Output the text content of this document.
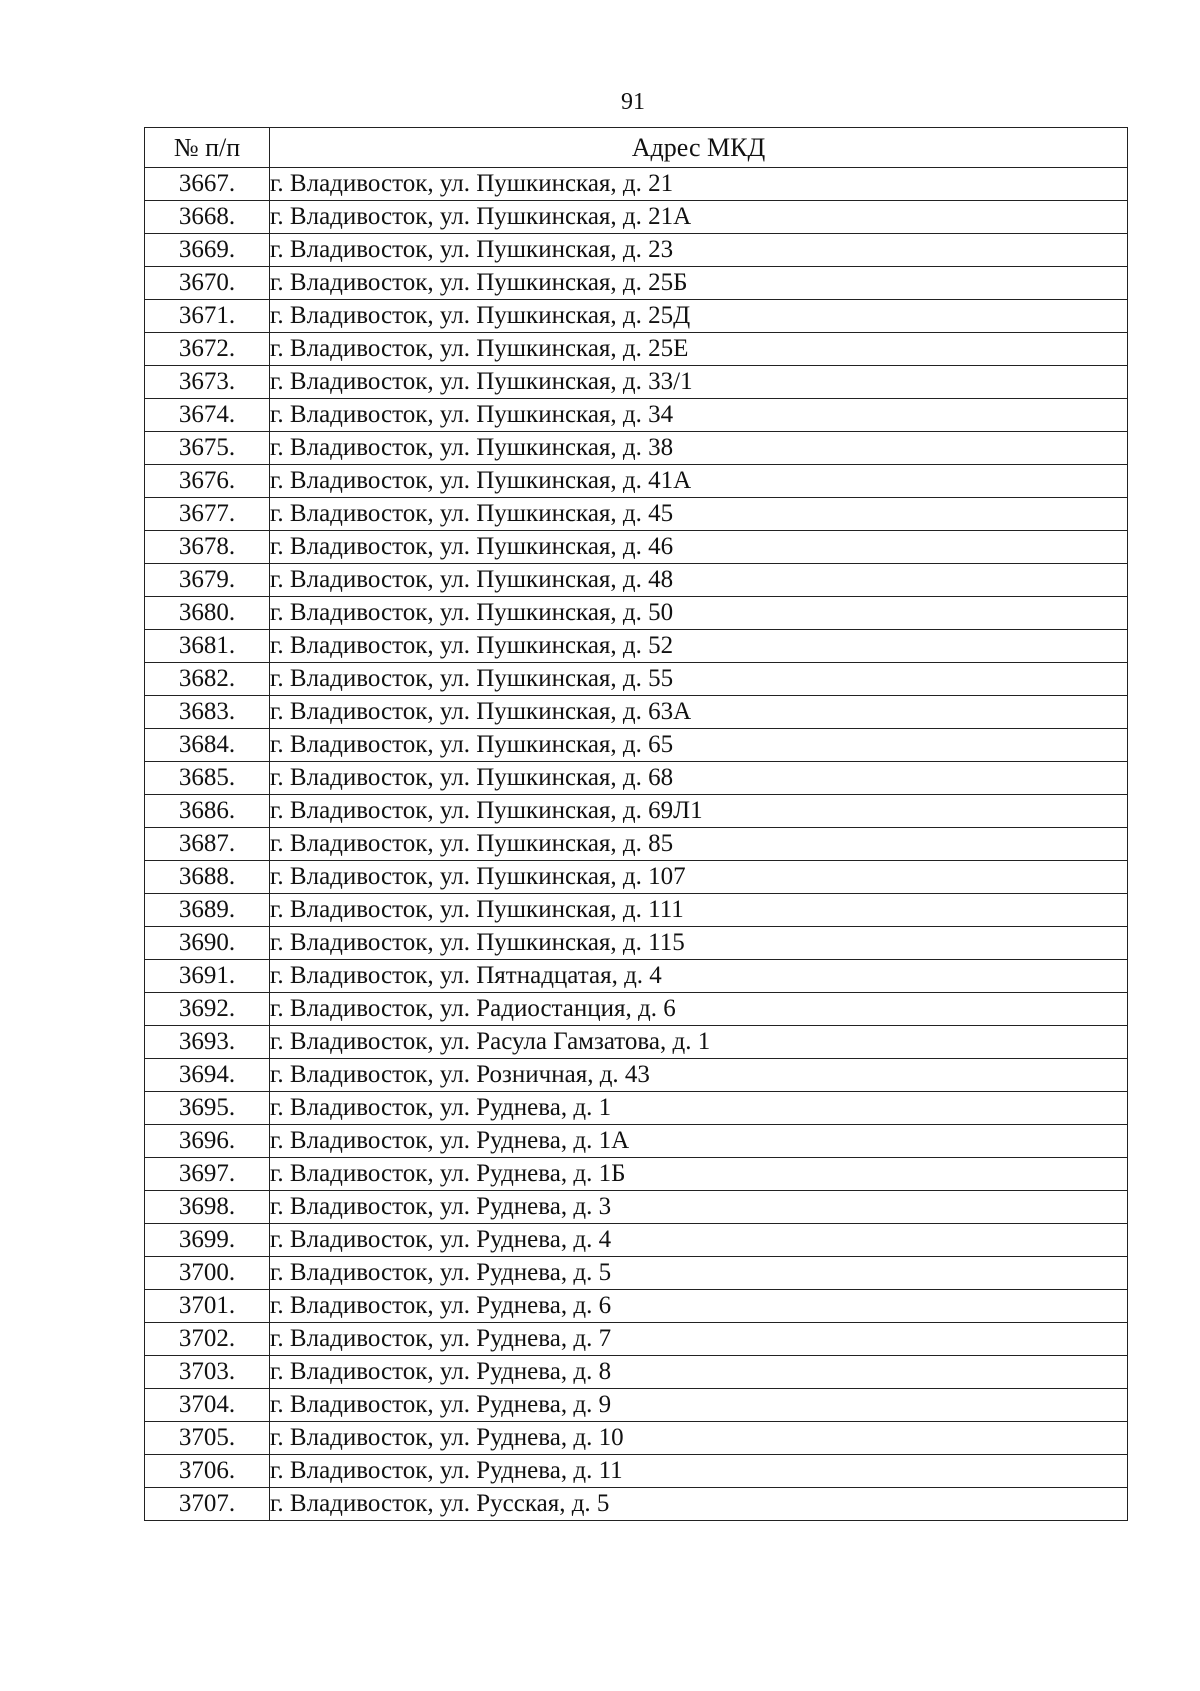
91
№ п/п	Адрес МКД
3667.	г. Владивосток, ул. Пушкинская, д. 21
3668.	г. Владивосток, ул. Пушкинская, д. 21А
3669.	г. Владивосток, ул. Пушкинская, д. 23
3670.	г. Владивосток, ул. Пушкинская, д. 25Б
3671.	г. Владивосток, ул. Пушкинская, д. 25Д
3672.	г. Владивосток, ул. Пушкинская, д. 25Е
3673.	г. Владивосток, ул. Пушкинская, д. 33/1
3674.	г. Владивосток, ул. Пушкинская, д. 34
3675.	г. Владивосток, ул. Пушкинская, д. 38
3676.	г. Владивосток, ул. Пушкинская, д. 41А
3677.	г. Владивосток, ул. Пушкинская, д. 45
3678.	г. Владивосток, ул. Пушкинская, д. 46
3679.	г. Владивосток, ул. Пушкинская, д. 48
3680.	г. Владивосток, ул. Пушкинская, д. 50
3681.	г. Владивосток, ул. Пушкинская, д. 52
3682.	г. Владивосток, ул. Пушкинская, д. 55
3683.	г. Владивосток, ул. Пушкинская, д. 63А
3684.	г. Владивосток, ул. Пушкинская, д. 65
3685.	г. Владивосток, ул. Пушкинская, д. 68
3686.	г. Владивосток, ул. Пушкинская, д. 69Л1
3687.	г. Владивосток, ул. Пушкинская, д. 85
3688.	г. Владивосток, ул. Пушкинская, д. 107
3689.	г. Владивосток, ул. Пушкинская, д. 111
3690.	г. Владивосток, ул. Пушкинская, д. 115
3691.	г. Владивосток, ул. Пятнадцатая, д. 4
3692.	г. Владивосток, ул. Радиостанция, д. 6
3693.	г. Владивосток, ул. Расула Гамзатова, д. 1
3694.	г. Владивосток, ул. Розничная, д. 43
3695.	г. Владивосток, ул. Руднева, д. 1
3696.	г. Владивосток, ул. Руднева, д. 1А
3697.	г. Владивосток, ул. Руднева, д. 1Б
3698.	г. Владивосток, ул. Руднева, д. 3
3699.	г. Владивосток, ул. Руднева, д. 4
3700.	г. Владивосток, ул. Руднева, д. 5
3701.	г. Владивосток, ул. Руднева, д. 6
3702.	г. Владивосток, ул. Руднева, д. 7
3703.	г. Владивосток, ул. Руднева, д. 8
3704.	г. Владивосток, ул. Руднева, д. 9
3705.	г. Владивосток, ул. Руднева, д. 10
3706.	г. Владивосток, ул. Руднева, д. 11
3707.	г. Владивосток, ул. Русская, д. 5
